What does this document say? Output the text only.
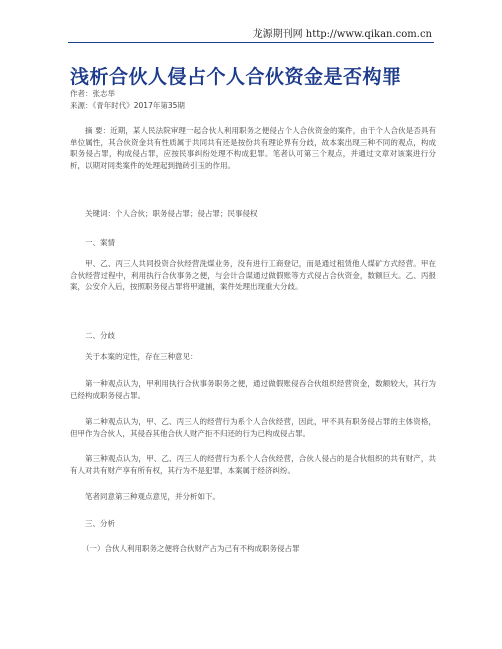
龙源期刊网 http://www.qikan.com.cn
浅析合伙人侵占个人合伙资金是否构罪
作者：张志举
来源：《青年时代》2017年第35期

摘 要：近期，某人民法院审理一起合伙人利用职务之便侵占个人合伙资金的案件，由于个人合伙是否具有单位属性，其合伙资金共有性质属于共同共有还是按份共有理论界有分歧，故本案出现三种不同的观点，构成职务侵占罪，构成侵占罪，应按民事纠纷处理不构成犯罪。笔者认可第三个观点，并通过文章对该案进行分析，以期对同类案件的处理起到抛砖引玉的作用。

关键词：个人合伙；职务侵占罪；侵占罪；民事侵权

一、案情

甲、乙、丙三人共同投资合伙经营洗煤业务，没有进行工商登记，而是通过租赁他人煤矿方式经营。甲在合伙经营过程中，利用执行合伙事务之便，与会计合谋通过做假账等方式侵占合伙资金，数额巨大。乙、丙报案，公安介入后，按照职务侵占罪将甲逮捕，案件处理出现重大分歧。

二、分歧

关于本案的定性，存在三种意见：

第一种观点认为，甲利用执行合伙事务职务之便，通过做假账侵吞合伙组织经营资金，数额较大，其行为已经构成职务侵占罪。

第二种观点认为，甲、乙、丙三人的经营行为系个人合伙经营，因此，甲不具有职务侵占罪的主体资格，但甲作为合伙人，其侵吞其他合伙人财产拒不归还的行为已构成侵占罪。

第三种观点认为，甲、乙、丙三人的经营行为系个人合伙经营，合伙人侵占的是合伙组织的共有财产，共有人对共有财产享有所有权，其行为不是犯罪，本案属于经济纠纷。

笔者同意第三种观点意见，并分析如下。

三、分析
（一）合伙人利用职务之便将合伙财产占为己有不构成职务侵占罪
